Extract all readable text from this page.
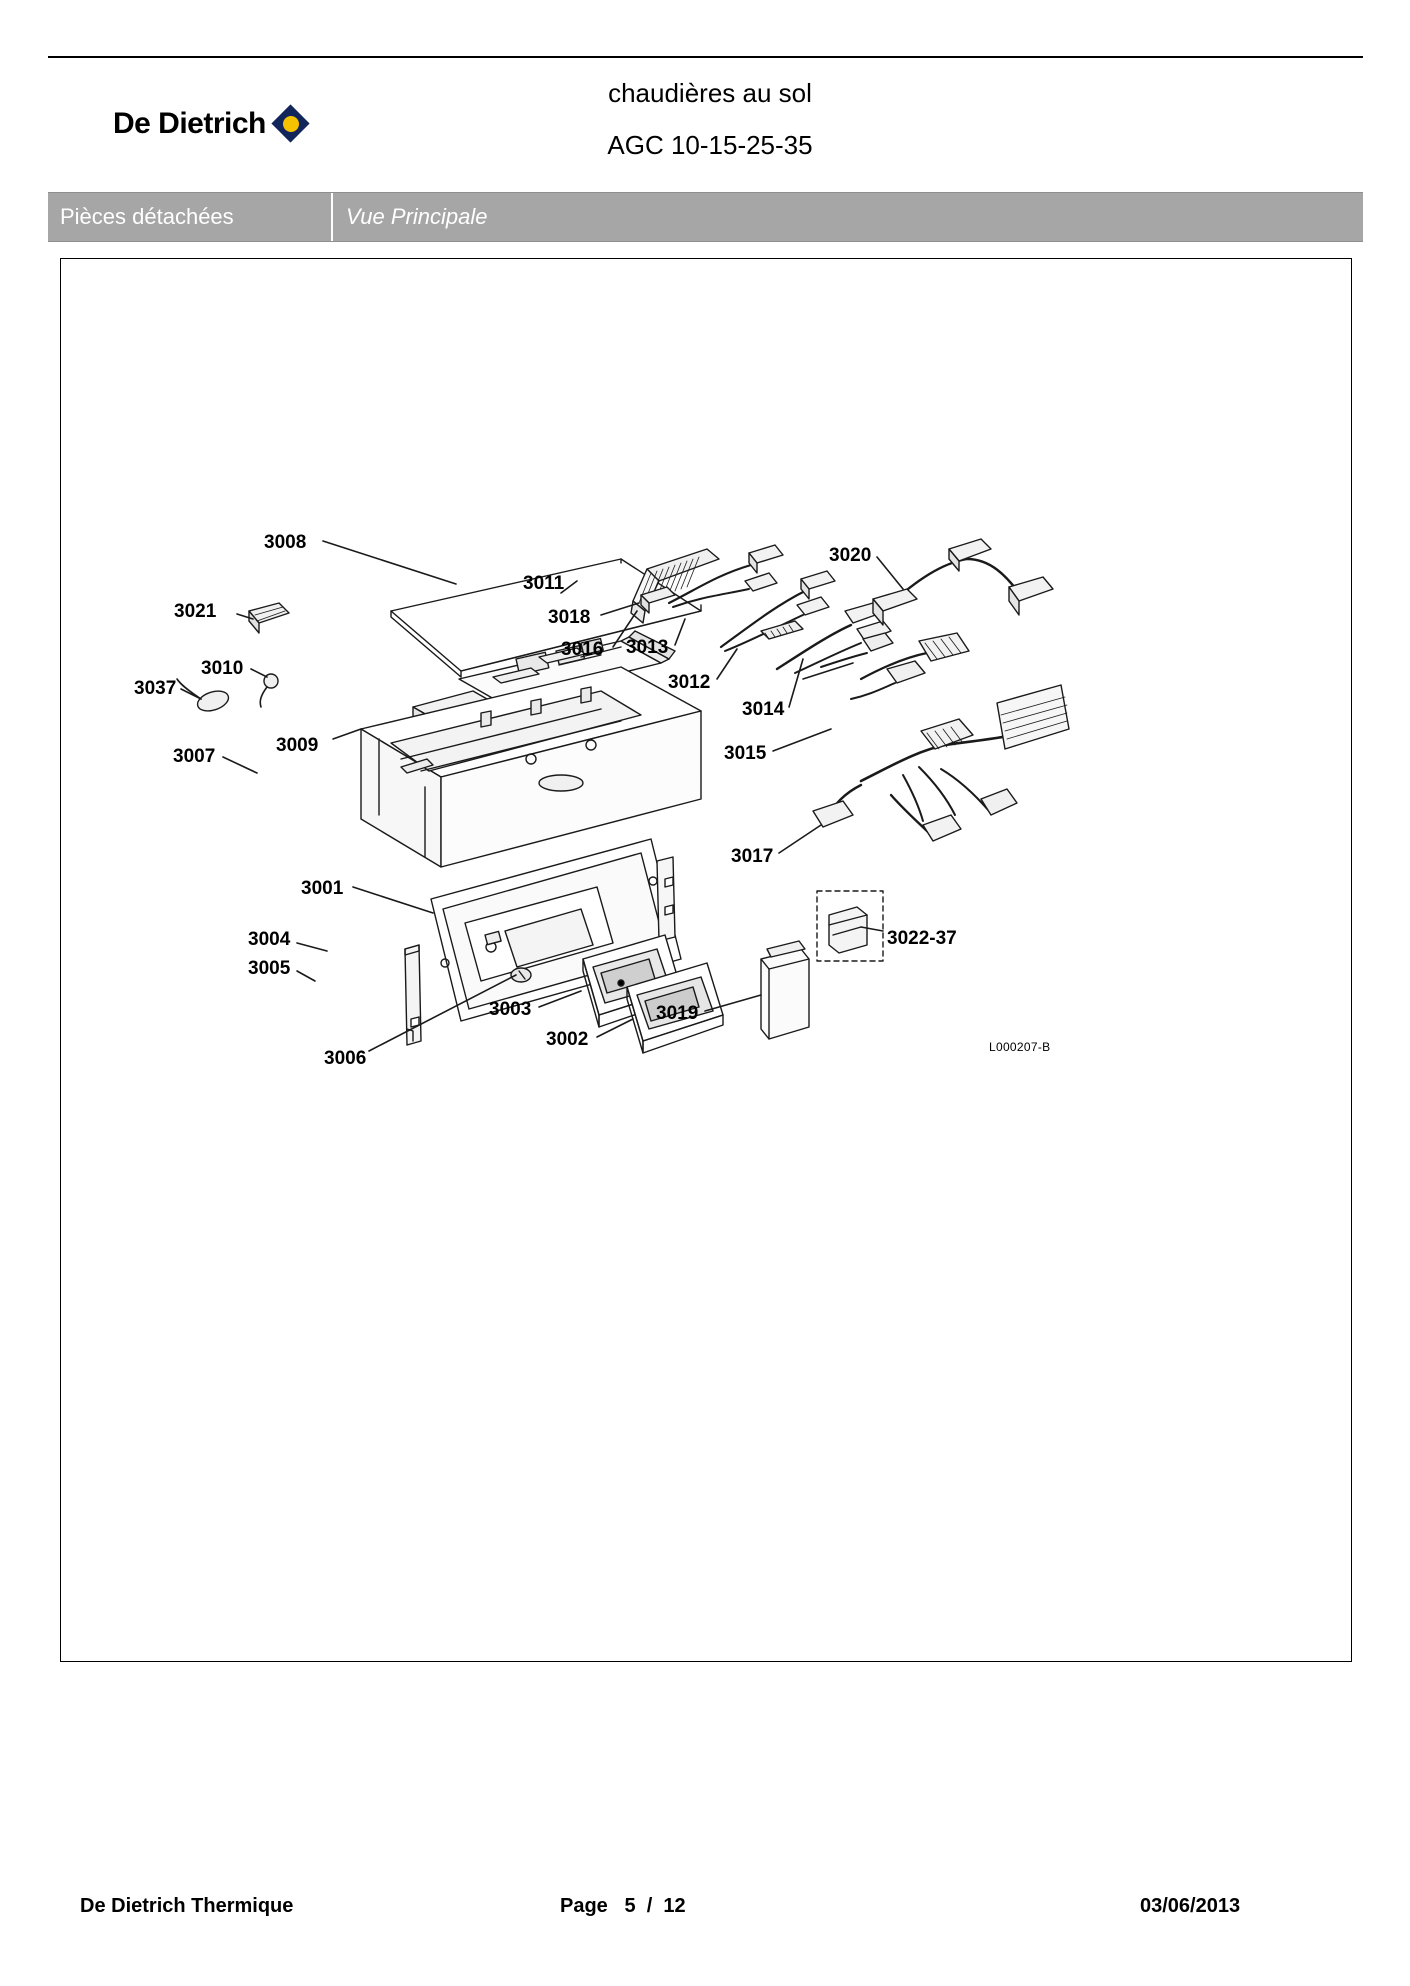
De Dietrich
chaudières au sol
AGC 10-15-25-35
Pièces détachées	Vue Principale
3008
3011
3018
3016 3013
3012
3014
3020
3021
3010
3037
3009
3007	3015
3017
3001
3004
3005
3006
3003
3002
3019
3022-37
L000207-B
De Dietrich Thermique	Page   5  /  12	03/06/2013
